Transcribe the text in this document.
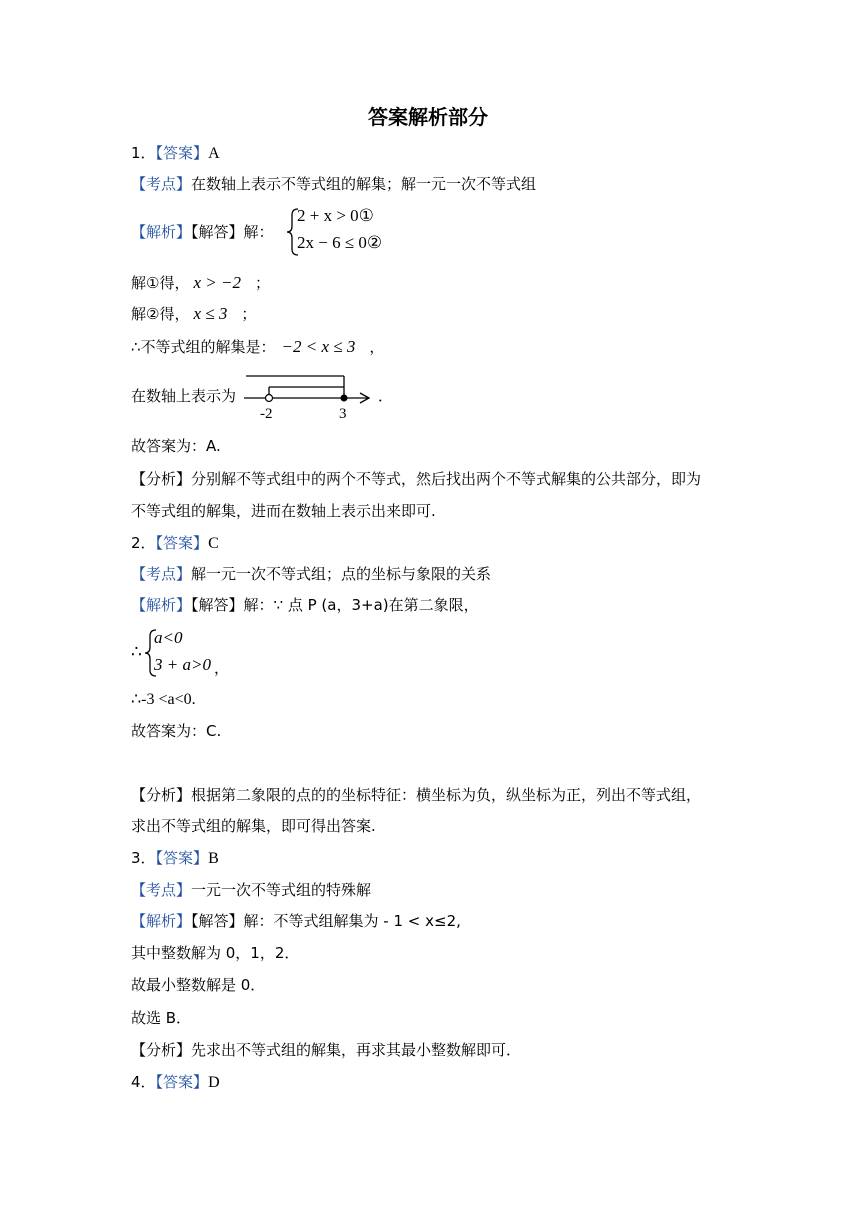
答案解析部分
1．【答案】A
【考点】在数轴上表示不等式组的解集；解一元一次不等式组
【解析】【解答】解：
2 + x > 0①
2x − 6 ≤ 0②
解①得， x > −2 ；
解②得， x ≤ 3 ；
∴不等式组的解集是： −2 < x ≤ 3 ，
在数轴上表示为
-2	3
．
故答案为：A.
【分析】分别解不等式组中的两个不等式，然后找出两个不等式解集的公共部分，即为
不等式组的解集，进而在数轴上表示出来即可.
2．【答案】C
【考点】解一元一次不等式组；点的坐标与象限的关系
【解析】【解答】解：∵ 点 P (a，3+a)在第二象限，
∴
a<0
3 + a>0 ，
∴-3 <a<0.
故答案为：C.
【分析】根据第二象限的点的的坐标特征：横坐标为负，纵坐标为正，列出不等式组，
求出不等式组的解集，即可得出答案.
3．【答案】B
【考点】一元一次不等式组的特殊解
【解析】【解答】解：不等式组解集为 - 1 < x≤2,
其中整数解为 0，1，2．
故最小整数解是 0．
故选 B．
【分析】先求出不等式组的解集，再求其最小整数解即可．
4．【答案】D
